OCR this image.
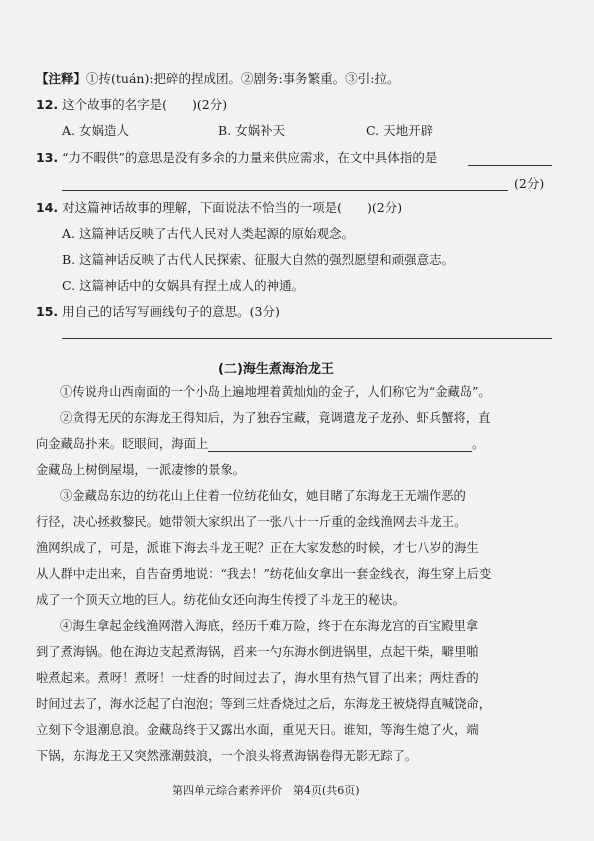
【注释】①抟(tuán):把碎的捏成团。②剧务:事务繁重。③引:拉。
12. 这个故事的名字是(　　)(2分)
A. 女娲造人	B. 女娲补天	C. 天地开辟
13. “力不暇供”的意思是没有多余的力量来供应需求，在文中具体指的是
(2分)
14. 对这篇神话故事的理解，下面说法不恰当的一项是(　　)(2分)
A. 这篇神话反映了古代人民对人类起源的原始观念。
B. 这篇神话反映了古代人民探索、征服大自然的强烈愿望和顽强意志。
C. 这篇神话中的女娲具有捏土成人的神通。
15. 用自己的话写写画线句子的意思。(3分)
(二)海生煮海治龙王
①传说舟山西南面的一个小岛上遍地埋着黄灿灿的金子，人们称它为“金藏岛”。
②贪得无厌的东海龙王得知后，为了独吞宝藏，竟调遣龙子龙孙、虾兵蟹将，直
向金藏岛扑来。眨眼间，海面上	。
金藏岛上树倒屋塌，一派凄惨的景象。
③金藏岛东边的纺花山上住着一位纺花仙女，她目睹了东海龙王无端作恶的
行径，决心拯救黎民。她带领大家织出了一张八十一斤重的金线渔网去斗龙王。
渔网织成了，可是，派谁下海去斗龙王呢？正在大家发愁的时候，才七八岁的海生
从人群中走出来，自告奋勇地说：“我去！”纺花仙女拿出一套金线衣，海生穿上后变
成了一个顶天立地的巨人。纺花仙女还向海生传授了斗龙王的秘诀。
④海生拿起金线渔网潜入海底，经历千难万险，终于在东海龙宫的百宝殿里拿
到了煮海锅。他在海边支起煮海锅，舀来一勺东海水倒进锅里，点起干柴，噼里啪
啦煮起来。煮呀！煮呀！一炷香的时间过去了，海水里有热气冒了出来；两炷香的
时间过去了，海水泛起了白泡泡；等到三炷香烧过之后，东海龙王被烧得直喊饶命，
立刻下令退潮息浪。金藏岛终于又露出水面，重见天日。谁知，等海生熄了火，端
下锅，东海龙王又突然涨潮鼓浪，一个浪头将煮海锅卷得无影无踪了。
第四单元综合素养评价　第4页(共6页)
